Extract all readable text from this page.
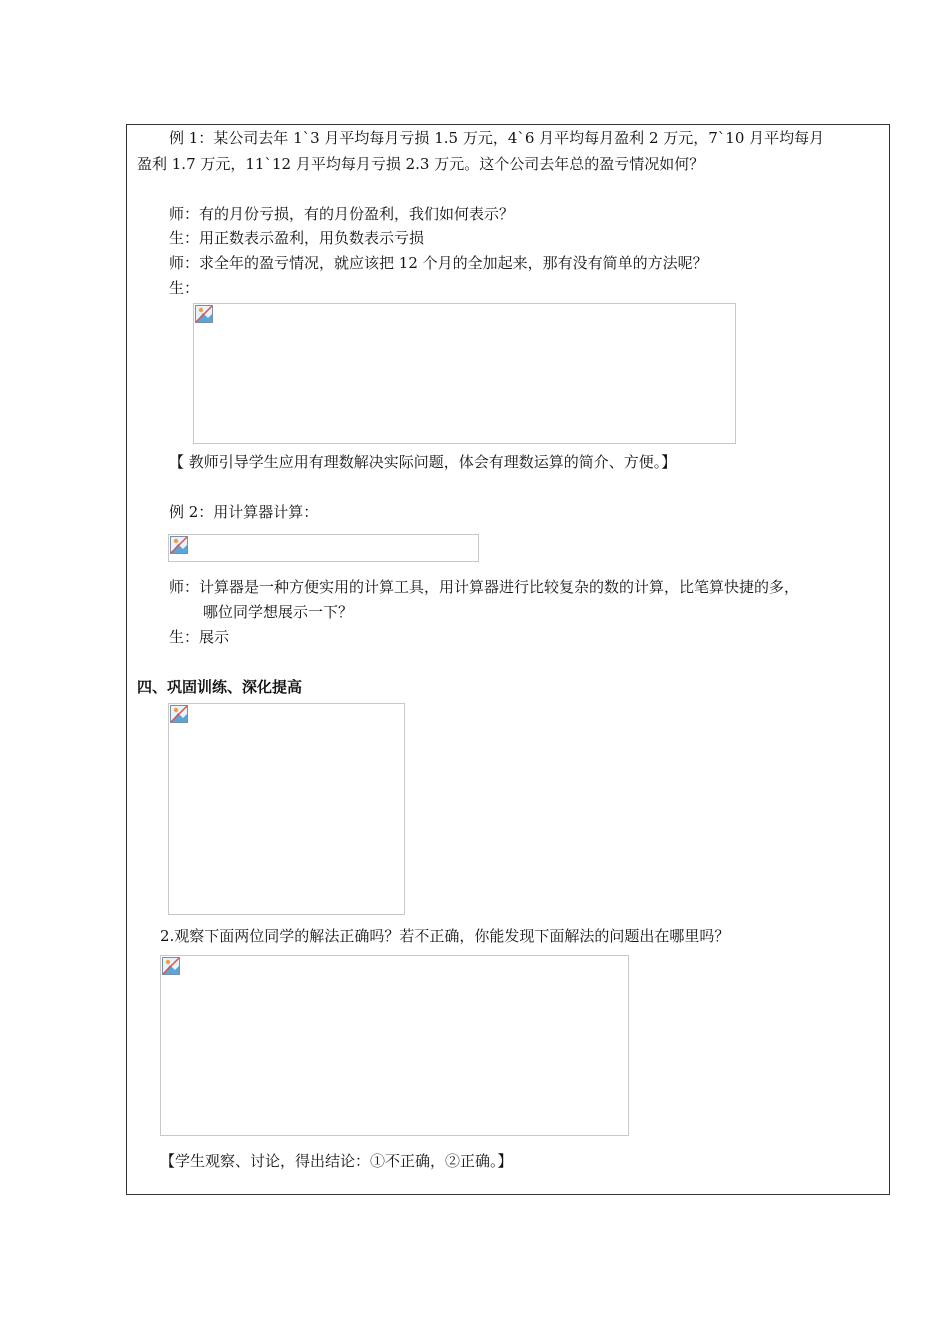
例 1：某公司去年 1`3 月平均每月亏损 1.5 万元，4`6 月平均每月盈利 2 万元，7`10 月平均每月
盈利 1.7 万元，11`12 月平均每月亏损 2.3 万元。这个公司去年总的盈亏情况如何？
师：有的月份亏损，有的月份盈利，我们如何表示？
生：用正数表示盈利，用负数表示亏损
师：求全年的盈亏情况，就应该把 12 个月的全加起来，那有没有简单的方法呢？
生：
【 教师引导学生应用有理数解决实际问题，体会有理数运算的简介、方便。】
例 2：用计算器计算：
师：计算器是一种方便实用的计算工具，用计算器进行比较复杂的数的计算，比笔算快捷的多，
哪位同学想展示一下？
生：展示
四、巩固训练、深化提高
2.观察下面两位同学的解法正确吗？若不正确，你能发现下面解法的问题出在哪里吗？
【学生观察、讨论，得出结论：①不正确，②正确。】
